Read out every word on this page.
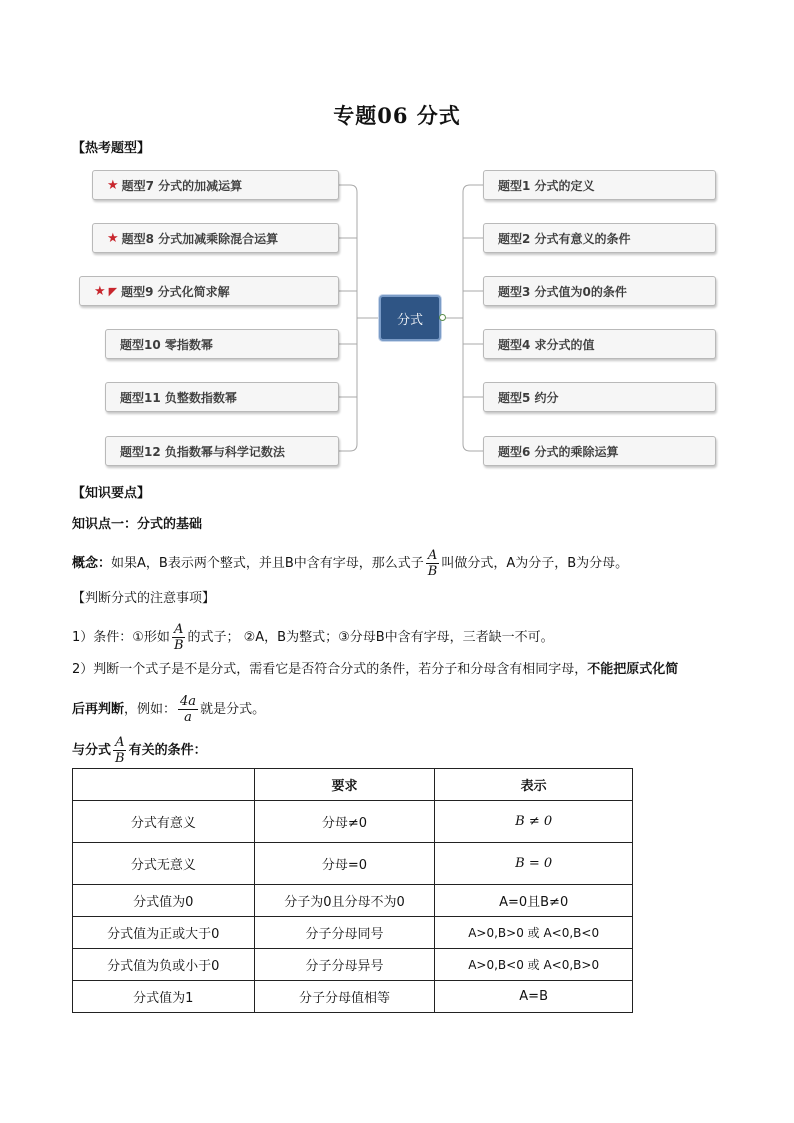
专题06 分式
【热考题型】
★ 题型7 分式的加减运算
★ 题型8 分式加减乘除混合运算
★ ◤ 题型9 分式化简求解
题型10 零指数幂
题型11 负整数指数幂
题型12 负指数幂与科学记数法
分式
题型1 分式的定义
题型2 分式有意义的条件
题型3 分式值为0的条件
题型4 求分式的值
题型5 约分
题型6 分式的乘除运算
【知识要点】
知识点一：分式的基础
概念：如果A，B表示两个整式，并且B中含有字母，那么式子 $\frac{A}{B}$ 叫做分式，A为分子，B为分母。
【判断分式的注意事项】
1）条件：①形如 $\frac{A}{B}$ 的式子； ②A，B为整式；③分母B中含有字母，三者缺一不可。
2）判断一个式子是不是分式，需看它是否符合分式的条件，若分子和分母含有相同字母，不能把原式化简
后再判断，例如： $\frac{4a}{a}$ 就是分式。
与分式 $\frac{A}{B}$ 有关的条件：
	要求	表示
分式有意义	分母≠0	B ≠ 0
分式无意义	分母=0	B = 0
分式值为0	分子为0且分母不为0	A=0且B≠0
分式值为正或大于0	分子分母同号	A>0,B>0 或 A<0,B<0
分式值为负或小于0	分子分母异号	A>0,B<0 或 A<0,B>0
分式值为1	分子分母值相等	A=B
